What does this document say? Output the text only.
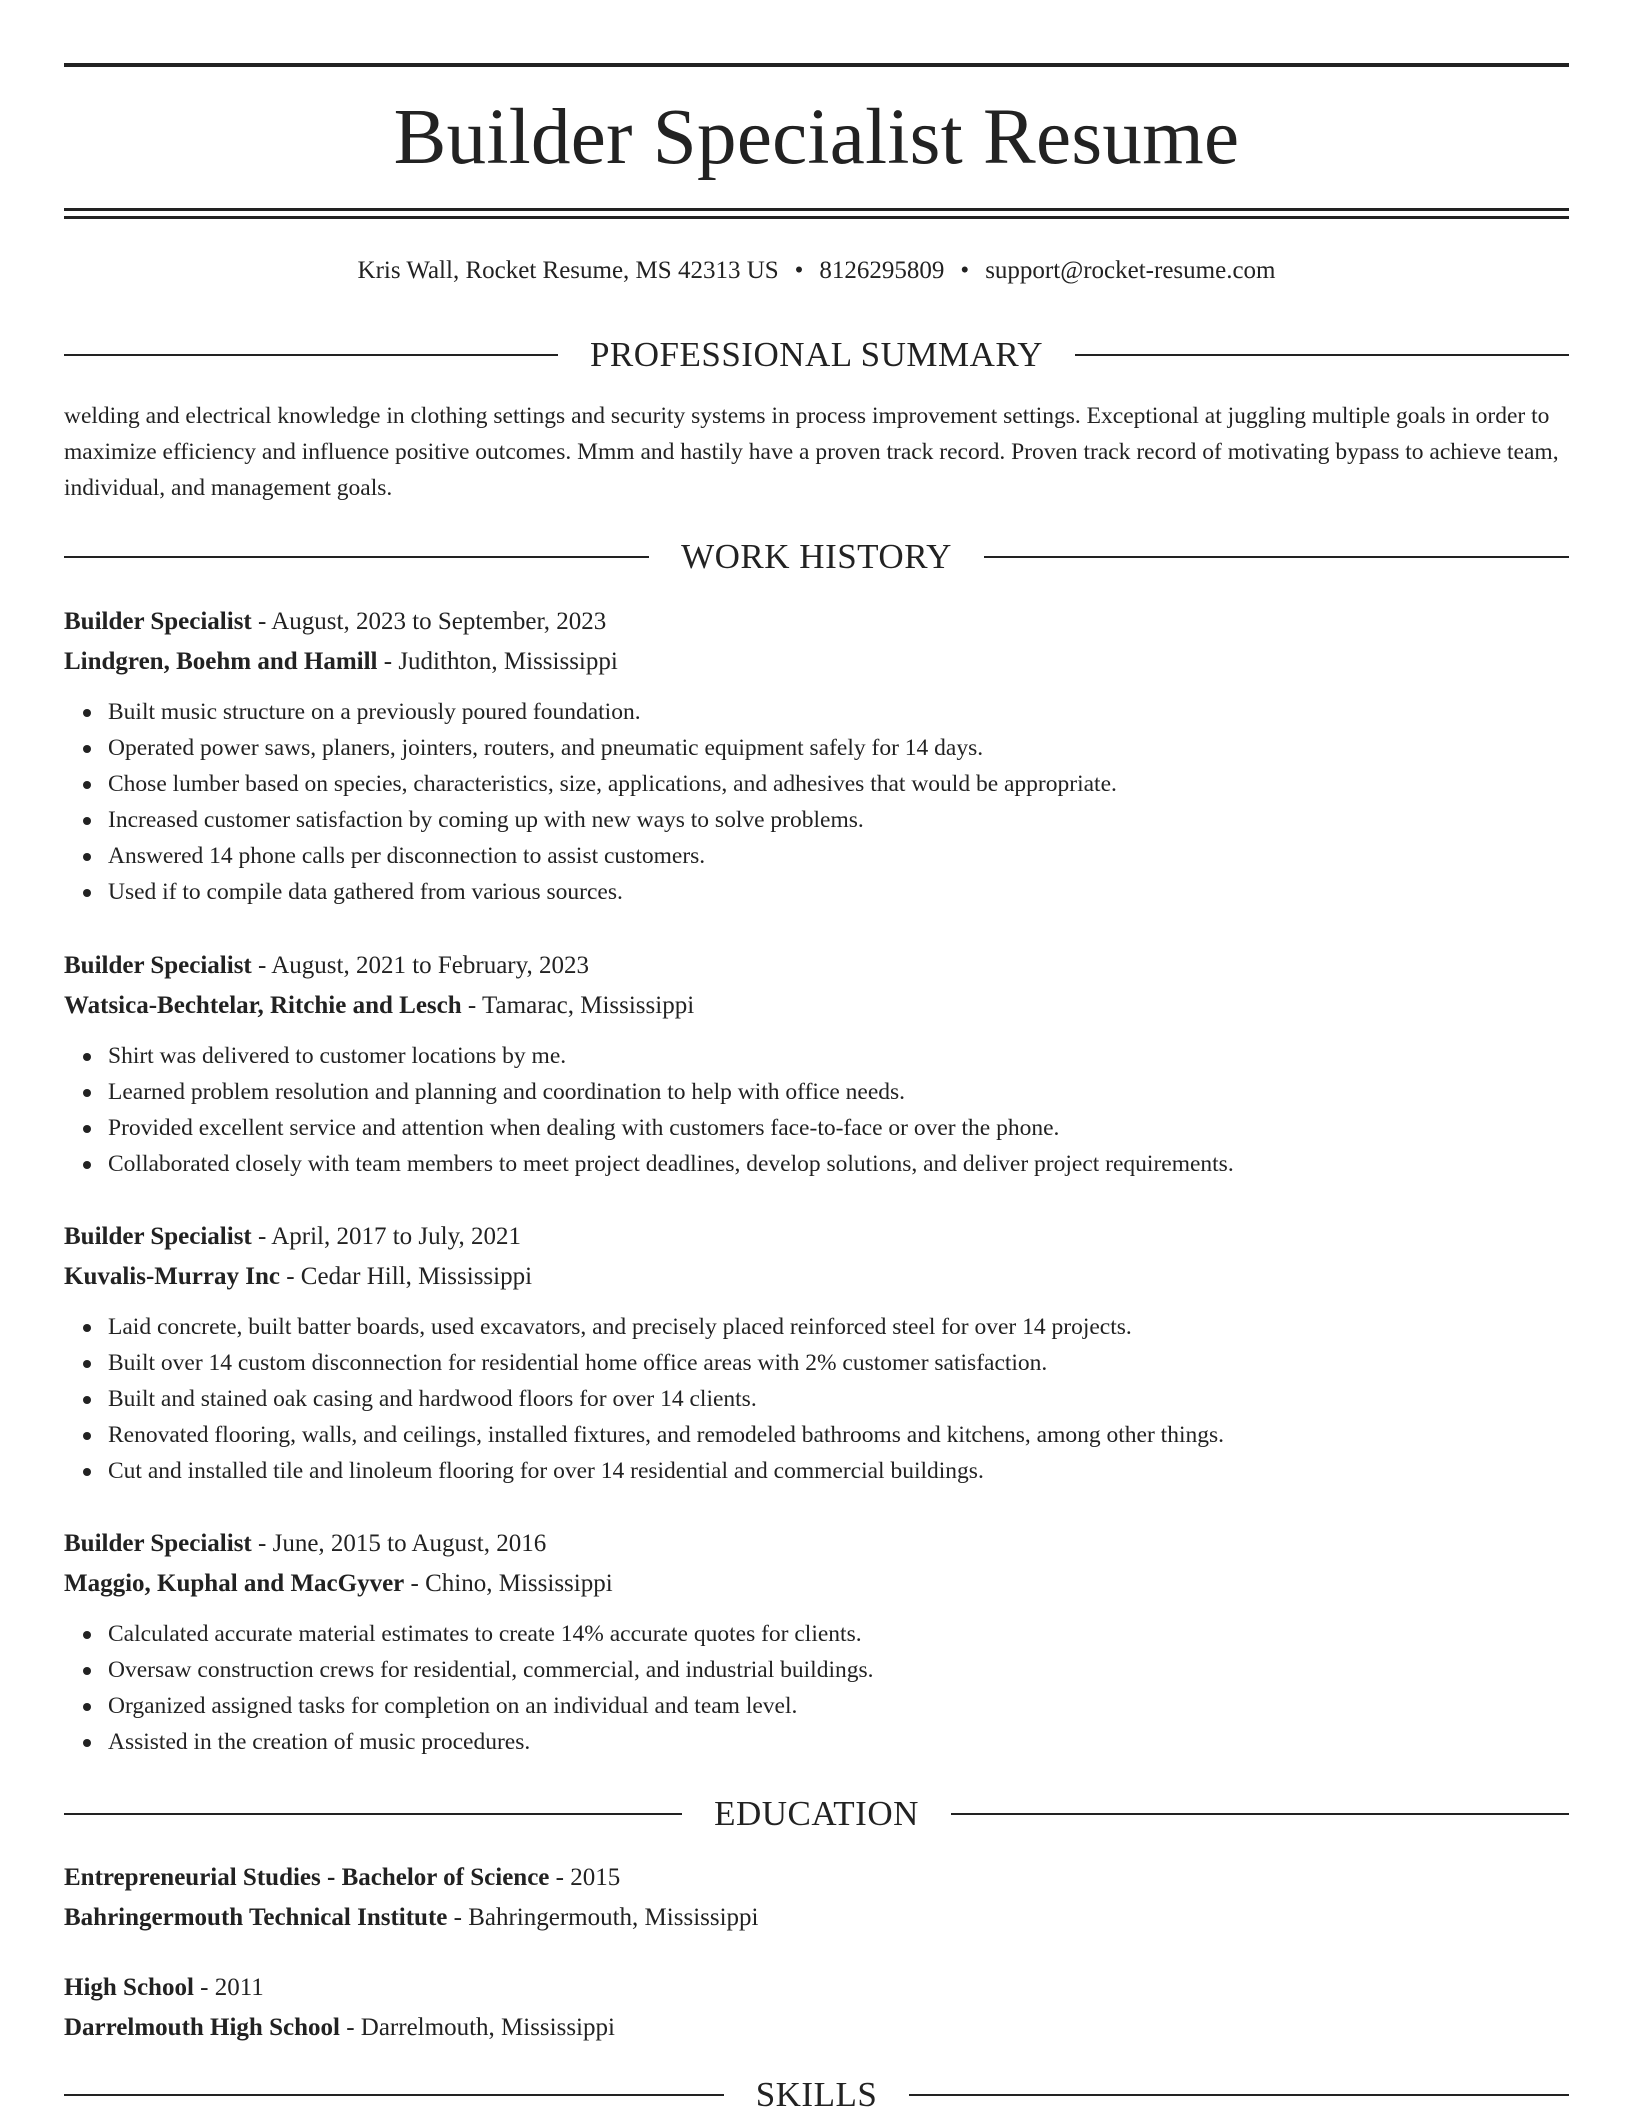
Builder Specialist Resume
Kris Wall, Rocket Resume, MS 42313 US • 8126295809 • support@rocket-resume.com
PROFESSIONAL SUMMARY

welding and electrical knowledge in clothing settings and security systems in process improvement settings. Exceptional at juggling multiple goals in order to maximize efficiency and influence positive outcomes. Mmm and hastily have a proven track record. Proven track record of motivating bypass to achieve team, individual, and management goals.

WORK HISTORY
Builder Specialist - August, 2023 to September, 2023
Lindgren, Boehm and Hamill - Judithton, Mississippi
Built music structure on a previously poured foundation.
Operated power saws, planers, jointers, routers, and pneumatic equipment safely for 14 days.
Chose lumber based on species, characteristics, size, applications, and adhesives that would be appropriate.
Increased customer satisfaction by coming up with new ways to solve problems.
Answered 14 phone calls per disconnection to assist customers.
Used if to compile data gathered from various sources.
Builder Specialist - August, 2021 to February, 2023
Watsica-Bechtelar, Ritchie and Lesch - Tamarac, Mississippi
Shirt was delivered to customer locations by me.
Learned problem resolution and planning and coordination to help with office needs.
Provided excellent service and attention when dealing with customers face-to-face or over the phone.
Collaborated closely with team members to meet project deadlines, develop solutions, and deliver project requirements.
Builder Specialist - April, 2017 to July, 2021
Kuvalis-Murray Inc - Cedar Hill, Mississippi
Laid concrete, built batter boards, used excavators, and precisely placed reinforced steel for over 14 projects.
Built over 14 custom disconnection for residential home office areas with 2% customer satisfaction.
Built and stained oak casing and hardwood floors for over 14 clients.
Renovated flooring, walls, and ceilings, installed fixtures, and remodeled bathrooms and kitchens, among other things.
Cut and installed tile and linoleum flooring for over 14 residential and commercial buildings.
Builder Specialist - June, 2015 to August, 2016
Maggio, Kuphal and MacGyver - Chino, Mississippi
Calculated accurate material estimates to create 14% accurate quotes for clients.
Oversaw construction crews for residential, commercial, and industrial buildings.
Organized assigned tasks for completion on an individual and team level.
Assisted in the creation of music procedures.
EDUCATION
Entrepreneurial Studies - Bachelor of Science - 2015
Bahringermouth Technical Institute - Bahringermouth, Mississippi
High School - 2011
Darrelmouth High School - Darrelmouth, Mississippi
SKILLS
